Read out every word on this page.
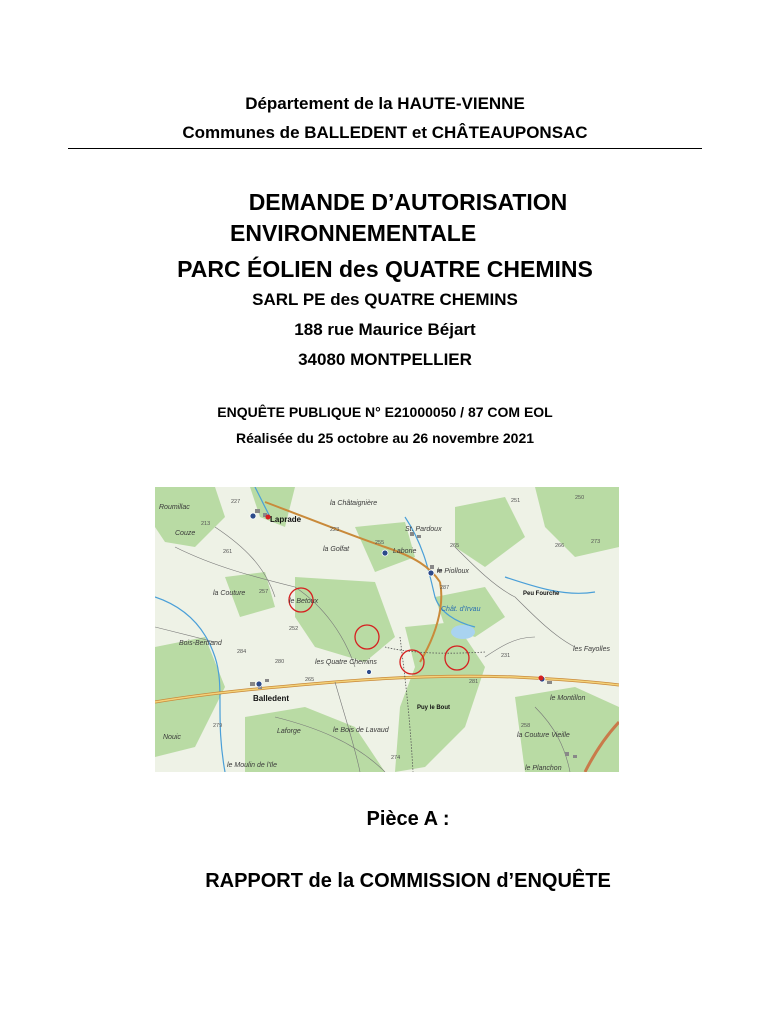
Département de la HAUTE-VIENNE
Communes de BALLEDENT et CHÂTEAUPONSAC
DEMANDE D’AUTORISATION
ENVIRONNEMENTALE
PARC ÉOLIEN des QUATRE CHEMINS
SARL PE des QUATRE CHEMINS
188 rue Maurice Béjart
34080 MONTPELLIER
ENQUÊTE PUBLIQUE N° E21000050 / 87 COM EOL
Réalisée du 25 octobre au 26 novembre 2021
Roumillac
Laprade
la Châtaignière
Couze
la Golfat	Laborie
St. Pardoux
le Piolloux
la Couture
le Betoux
Peu Fourche
Chât. d'Irvau
Bois-Bertrand
les Quatre Chemins
les Fayolles
Balledent
Puy le Bout
le Montillon
le Bois de Lavaud
Laforge
Nouic	la Couture Vieille
le Moulin de l'Ile	le Planchon
227
213
261
223
255	265
251	250
266
273
287
257
252
284
280
231
265	281
274
258
279
Pièce A :
RAPPORT de la COMMISSION d’ENQUÊTE
